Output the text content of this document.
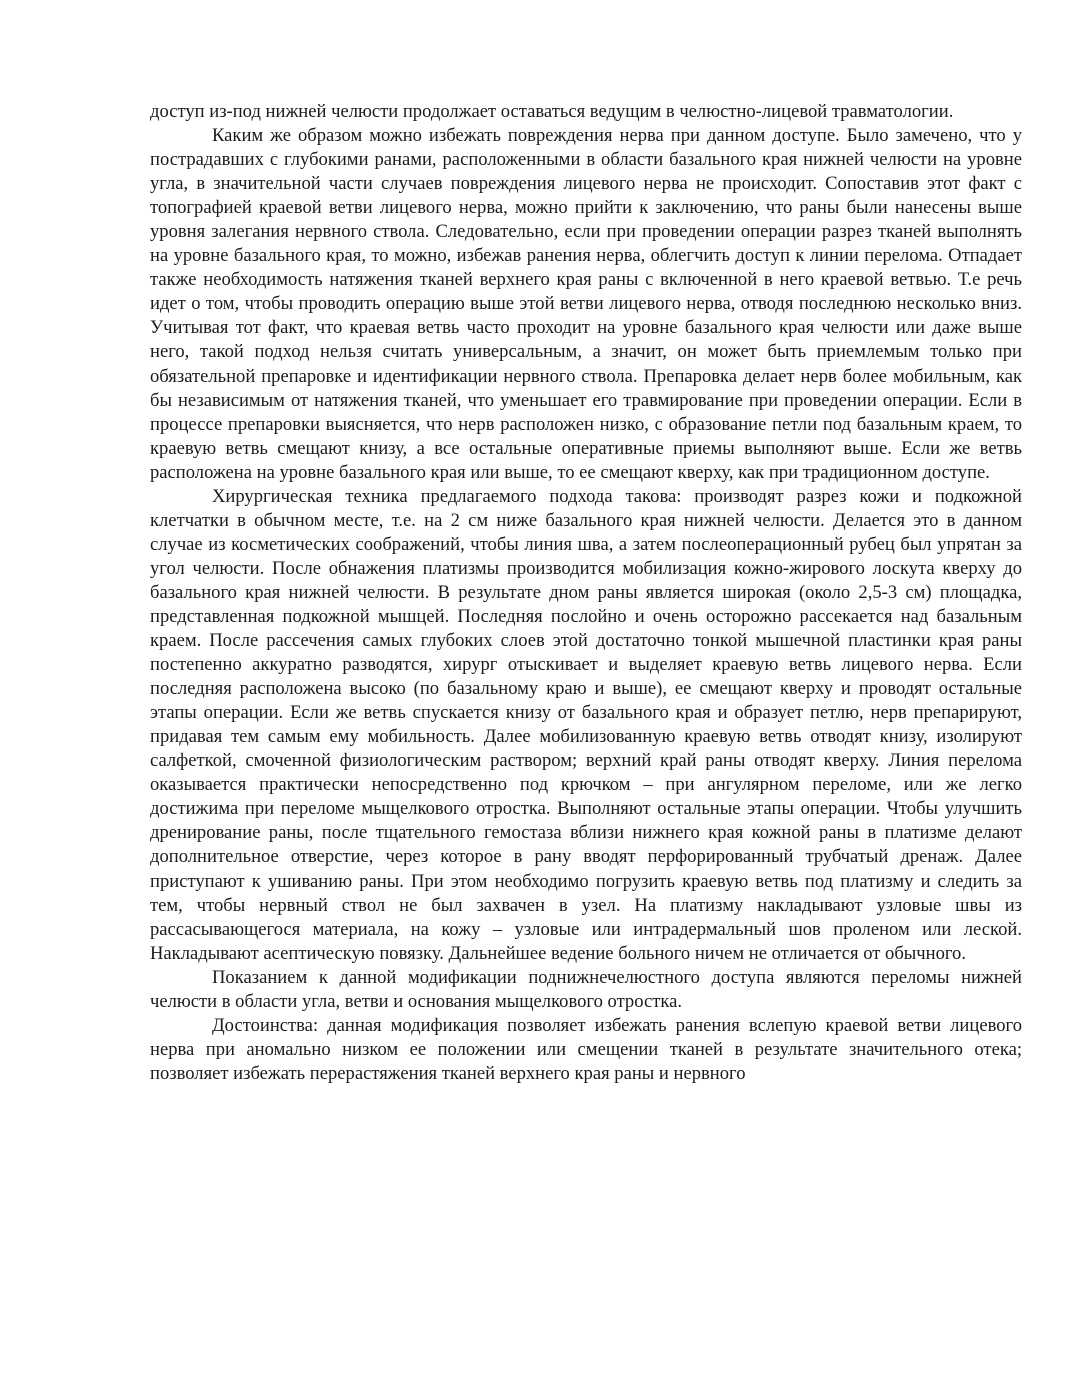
доступ из-под нижней челюсти продолжает оставаться ведущим в челюстно-лицевой травматологии.

Каким же образом можно избежать повреждения нерва при данном доступе. Было замечено, что у пострадавших с глубокими ранами, расположенными в области базального края нижней челюсти на уровне угла, в значительной части случаев повреждения лицевого нерва не происходит. Сопоставив этот факт с топографией краевой ветви лицевого нерва, можно прийти к заключению, что раны были нанесены выше уровня залегания нервного ствола. Следовательно, если при проведении операции разрез тканей выполнять на уровне базального края, то можно, избежав ранения нерва, облегчить доступ к линии перелома. Отпадает также необходимость натяжения тканей верхнего края раны с включенной в него краевой ветвью. Т.е речь идет о том, чтобы проводить операцию выше этой ветви лицевого нерва, отводя последнюю несколько вниз. Учитывая тот факт, что краевая ветвь часто проходит на уровне базального края челюсти или даже выше него, такой подход нельзя считать универсальным, а значит, он может быть приемлемым только при обязательной препаровке и идентификации нервного ствола. Препаровка делает нерв более мобильным, как бы независимым от натяжения тканей, что уменьшает его травмирование при проведении операции. Если в процессе препаровки выясняется, что нерв расположен низко, с образование петли под базальным краем, то краевую ветвь смещают книзу, а все остальные оперативные приемы выполняют выше. Если же ветвь расположена на уровне базального края или выше, то ее смещают кверху, как при традиционном доступе.

Хирургическая техника предлагаемого подхода такова: производят разрез кожи и подкожной клетчатки в обычном месте, т.е. на 2 см ниже базального края нижней челюсти. Делается это в данном случае из косметических соображений, чтобы линия шва, а затем послеоперационный рубец был упрятан за угол челюсти. После обнажения платизмы производится мобилизация кожно-жирового лоскута кверху до базального края нижней челюсти. В результате дном раны является широкая (около 2,5-3 см) площадка, представленная подкожной мышцей. Последняя послойно и очень осторожно рассекается над базальным краем. После рассечения самых глубоких слоев этой достаточно тонкой мышечной пластинки края раны постепенно аккуратно разводятся, хирург отыскивает и выделяет краевую ветвь лицевого нерва. Если последняя расположена высоко (по базальному краю и выше), ее смещают кверху и проводят остальные этапы операции. Если же ветвь спускается книзу от базального края и образует петлю, нерв препарируют, придавая тем самым ему мобильность. Далее мобилизованную краевую ветвь отводят книзу, изолируют салфеткой, смоченной физиологическим раствором; верхний край раны отводят кверху. Линия перелома оказывается практически непосредственно под крючком – при ангулярном переломе, или же легко достижима при переломе мыщелкового отростка. Выполняют остальные этапы операции. Чтобы улучшить дренирование раны, после тщательного гемостаза вблизи нижнего края кожной раны в платизме делают дополнительное отверстие, через которое в рану вводят перфорированный трубчатый дренаж. Далее приступают к ушиванию раны. При этом необходимо погрузить краевую ветвь под платизму и следить за тем, чтобы нервный ствол не был захвачен в узел. На платизму накладывают узловые швы из рассасывающегося материала, на кожу – узловые или интрадермальный шов проленом или леской. Накладывают асептическую повязку. Дальнейшее ведение больного ничем не отличается от обычного.

Показанием к данной модификации поднижнечелюстного доступа являются переломы нижней челюсти в области угла, ветви и основания мыщелкового отростка.

Достоинства: данная модификация позволяет избежать ранения вслепую краевой ветви лицевого нерва при аномально низком ее положении или смещении тканей в результате значительного отека; позволяет избежать перерастяжения тканей верхнего края раны и нервного
